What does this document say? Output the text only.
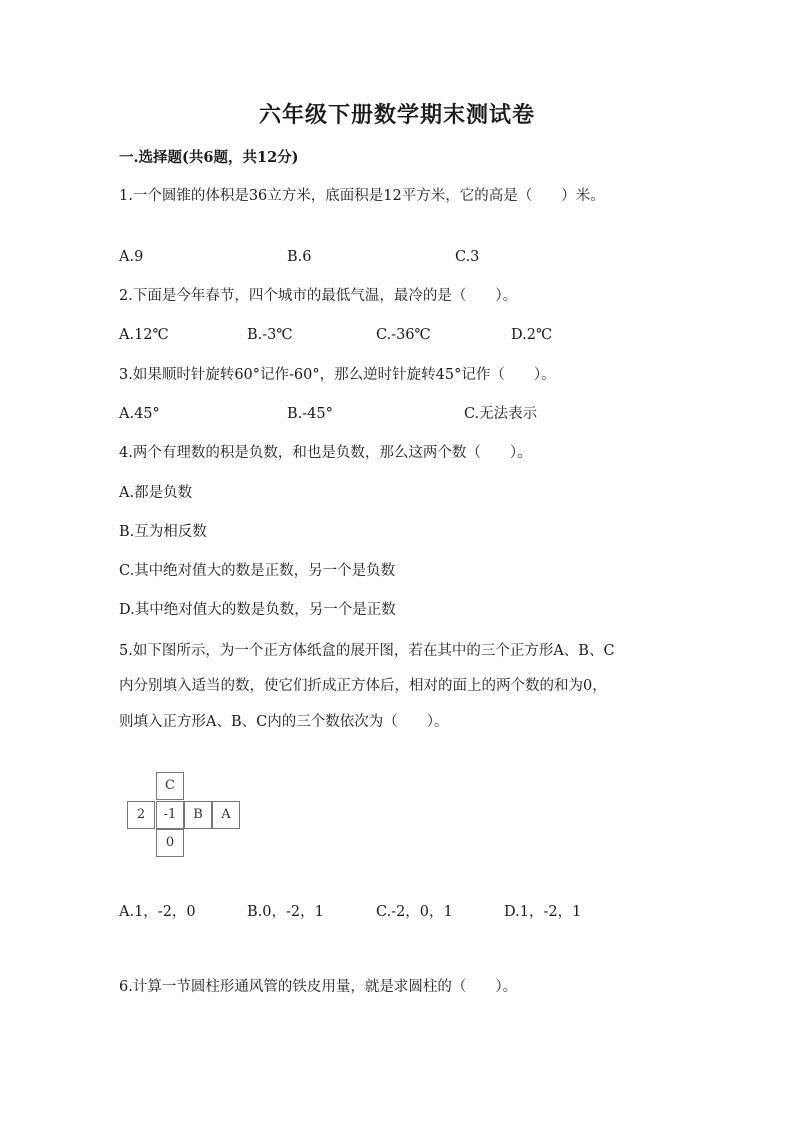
六年级下册数学期末测试卷
一.选择题(共6题，共12分)
1.一个圆锥的体积是36立方米，底面积是12平方米，它的高是（　　）米。
A.9	B.6	C.3
2.下面是今年春节，四个城市的最低气温，最冷的是（　　）。
A.12℃	B.-3℃	C.-36℃	D.2℃
3.如果顺时针旋转60°记作-60°，那么逆时针旋转45°记作（　　）。
A.45°	B.-45°	C.无法表示
4.两个有理数的积是负数，和也是负数，那么这两个数（　　）。
A.都是负数
B.互为相反数
C.其中绝对值大的数是正数，另一个是负数
D.其中绝对值大的数是负数，另一个是正数
5.如下图所示，为一个正方体纸盒的展开图，若在其中的三个正方形A、B、C
内分别填入适当的数，使它们折成正方体后，相对的面上的两个数的和为0，
则填入正方形A、B、C内的三个数依次为（　　）。
C
2	-1	B	A
0
A.1，-2，0	B.0，-2，1	C.-2，0，1	D.1，-2，1
6.计算一节圆柱形通风管的铁皮用量，就是求圆柱的（　　）。
